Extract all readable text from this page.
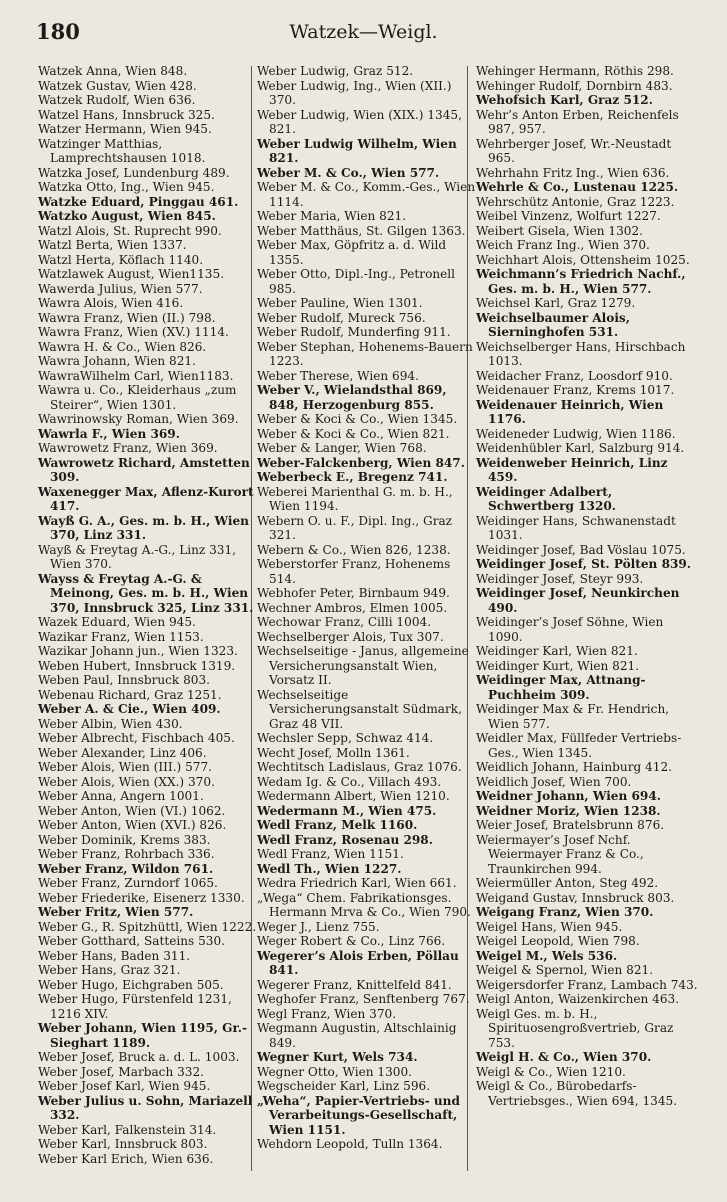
180	Watzek—Weigl.
Watzek Anna, Wien 848.
Watzek Gustav, Wien 428.
Watzek Rudolf, Wien 636.
Watzel Hans, Innsbruck 325.
Watzer Hermann, Wien 945.
Watzinger Matthias, Lamprechtshausen 1018.
Watzka Josef, Lundenburg 489.
Watzka Otto, Ing., Wien 945.
Watzke Eduard, Pinggau 461.
Watzko August, Wien 845.
Watzl Alois, St. Ruprecht 990.
Watzl Berta, Wien 1337.
Watzl Herta, Köflach 1140.
Watzlawek August, Wien1135.
Wawerda Julius, Wien 577.
Wawra Alois, Wien 416.
Wawra Franz, Wien (II.) 798.
Wawra Franz, Wien (XV.) 1114.
Wawra H. & Co., Wien 826.
Wawra Johann, Wien 821.
WawraWilhelm Carl, Wien1183.
Wawra u. Co., Kleiderhaus „zum Steirer“, Wien 1301.
Wawrinowsky Roman, Wien 369.
Wawrla F., Wien 369.
Wawrowetz Franz, Wien 369.
Wawrowetz Richard, Amstetten 309.
Waxenegger Max, Aflenz-Kurort 417.
Wayß G. A., Ges. m. b. H., Wien 370, Linz 331.
Wayß & Freytag A.-G., Linz 331, Wien 370.
Wayss & Freytag A.-G. & Meinong, Ges. m. b. H., Wien 370, Innsbruck 325, Linz 331.
Wazek Eduard, Wien 945.
Wazikar Franz, Wien 1153.
Wazikar Johann jun., Wien 1323.
Weben Hubert, Innsbruck 1319.
Weben Paul, Innsbruck 803.
Webenau Richard, Graz 1251.
Weber A. & Cie., Wien 409.
Weber Albin, Wien 430.
Weber Albrecht, Fischbach 405.
Weber Alexander, Linz 406.
Weber Alois, Wien (III.) 577.
Weber Alois, Wien (XX.) 370.
Weber Anna, Angern 1001.
Weber Anton, Wien (VI.) 1062.
Weber Anton, Wien (XVI.) 826.
Weber Dominik, Krems 383.
Weber Franz, Rohrbach 336.
Weber Franz, Wildon 761.
Weber Franz, Zurndorf 1065.
Weber Friederike, Eisenerz 1330.
Weber Fritz, Wien 577.
Weber G., R. Spitzhüttl, Wien 1222.
Weber Gotthard, Satteins 530.
Weber Hans, Baden 311.
Weber Hans, Graz 321.
Weber Hugo, Eichgraben 505.
Weber Hugo, Fürstenfeld 1231, 1216 XIV.
Weber Johann, Wien 1195, Gr.-Sieghart 1189.
Weber Josef, Bruck a. d. L. 1003.
Weber Josef, Marbach 332.
Weber Josef Karl, Wien 945.
Weber Julius u. Sohn, Mariazell 332.
Weber Karl, Falkenstein 314.
Weber Karl, Innsbruck 803.
Weber Karl Erich, Wien 636.
Weber Ludwig, Graz 512.
Weber Ludwig, Ing., Wien (XII.) 370.
Weber Ludwig, Wien (XIX.) 1345, 821.
Weber Ludwig Wilhelm, Wien 821.
Weber M. & Co., Wien 577.
Weber M. & Co., Komm.-Ges., Wien 1114.
Weber Maria, Wien 821.
Weber Matthäus, St. Gilgen 1363.
Weber Max, Göpfritz a. d. Wild 1355.
Weber Otto, Dipl.-Ing., Petronell 985.
Weber Pauline, Wien 1301.
Weber Rudolf, Mureck 756.
Weber Rudolf, Munderfing 911.
Weber Stephan, Hohenems-Bauern 1223.
Weber Therese, Wien 694.
Weber V., Wielandsthal 869, 848, Herzogenburg 855.
Weber & Koci & Co., Wien 1345.
Weber & Koci & Co., Wien 821.
Weber & Langer, Wien 768.
Weber-Falckenberg, Wien 847.
Weberbeck E., Bregenz 741.
Weberei Marienthal G. m. b. H., Wien 1194.
Webern O. u. F., Dipl. Ing., Graz 321.
Webern & Co., Wien 826, 1238.
Weberstorfer Franz, Hohenems 514.
Webhofer Peter, Birnbaum 949.
Wechner Ambros, Elmen 1005.
Wechowar Franz, Cilli 1004.
Wechselberger Alois, Tux 307.
Wechselseitige - Janus, allgemeine Versicherungsanstalt Wien, Vorsatz II.
Wechselseitige Versicherungsanstalt Südmark, Graz 48 VII.
Wechsler Sepp, Schwaz 414.
Wecht Josef, Molln 1361.
Wechtitsch Ladislaus, Graz 1076.
Wedam Ig. & Co., Villach 493.
Wedermann Albert, Wien 1210.
Wedermann M., Wien 475.
Wedl Franz, Melk 1160.
Wedl Franz, Rosenau 298.
Wedl Franz, Wien 1151.
Wedl Th., Wien 1227.
Wedra Friedrich Karl, Wien 661.
„Wega“ Chem. Fabrikationsges. Hermann Mrva & Co., Wien 790.
Weger J., Lienz 755.
Weger Robert & Co., Linz 766.
Wegerer’s Alois Erben, Pöllau 841.
Wegerer Franz, Knittelfeld 841.
Weghofer Franz, Senftenberg 767.
Wegl Franz, Wien 370.
Wegmann Augustin, Altschlainig 849.
Wegner Kurt, Wels 734.
Wegner Otto, Wien 1300.
Wegscheider Karl, Linz 596.
„Weha“, Papier-Vertriebs- und Verarbeitungs-Gesellschaft, Wien 1151.
Wehdorn Leopold, Tulln 1364.
Wehinger Hermann, Röthis 298.
Wehinger Rudolf, Dornbirn 483.
Wehofsich Karl, Graz 512.
Wehr’s Anton Erben, Reichenfels 987, 957.
Wehrberger Josef, Wr.-Neustadt 965.
Wehrhahn Fritz Ing., Wien 636.
Wehrle & Co., Lustenau 1225.
Wehrschütz Antonie, Graz 1223.
Weibel Vinzenz, Wolfurt 1227.
Weibert Gisela, Wien 1302.
Weich Franz Ing., Wien 370.
Weichhart Alois, Ottensheim 1025.
Weichmann’s Friedrich Nachf., Ges. m. b. H., Wien 577.
Weichsel Karl, Graz 1279.
Weichselbaumer Alois, Sierninghofen 531.
Weichselberger Hans, Hirschbach 1013.
Weidacher Franz, Loosdorf 910.
Weidenauer Franz, Krems 1017.
Weidenauer Heinrich, Wien 1176.
Weideneder Ludwig, Wien 1186.
Weidenhübler Karl, Salzburg 914.
Weidenweber Heinrich, Linz 459.
Weidinger Adalbert, Schwertberg 1320.
Weidinger Hans, Schwanenstadt 1031.
Weidinger Josef, Bad Vöslau 1075.
Weidinger Josef, St. Pölten 839.
Weidinger Josef, Steyr 993.
Weidinger Josef, Neunkirchen 490.
Weidinger’s Josef Söhne, Wien 1090.
Weidinger Karl, Wien 821.
Weidinger Kurt, Wien 821.
Weidinger Max, Attnang-Puchheim 309.
Weidinger Max & Fr. Hendrich, Wien 577.
Weidler Max, Füllfeder Vertriebs-Ges., Wien 1345.
Weidlich Johann, Hainburg 412.
Weidlich Josef, Wien 700.
Weidner Johann, Wien 694.
Weidner Moriz, Wien 1238.
Weier Josef, Bratelsbrunn 876.
Weiermayer’s Josef Nchf. Weiermayer Franz & Co., Traunkirchen 994.
Weiermüller Anton, Steg 492.
Weigand Gustav, Innsbruck 803.
Weigang Franz, Wien 370.
Weigel Hans, Wien 945.
Weigel Leopold, Wien 798.
Weigel M., Wels 536.
Weigel & Spernol, Wien 821.
Weigersdorfer Franz, Lambach 743.
Weigl Anton, Waizenkirchen 463.
Weigl Ges. m. b. H., Spirituosengroßvertrieb, Graz 753.
Weigl H. & Co., Wien 370.
Weigl & Co., Wien 1210.
Weigl & Co., Bürobedarfs-Vertriebsges., Wien 694, 1345.
